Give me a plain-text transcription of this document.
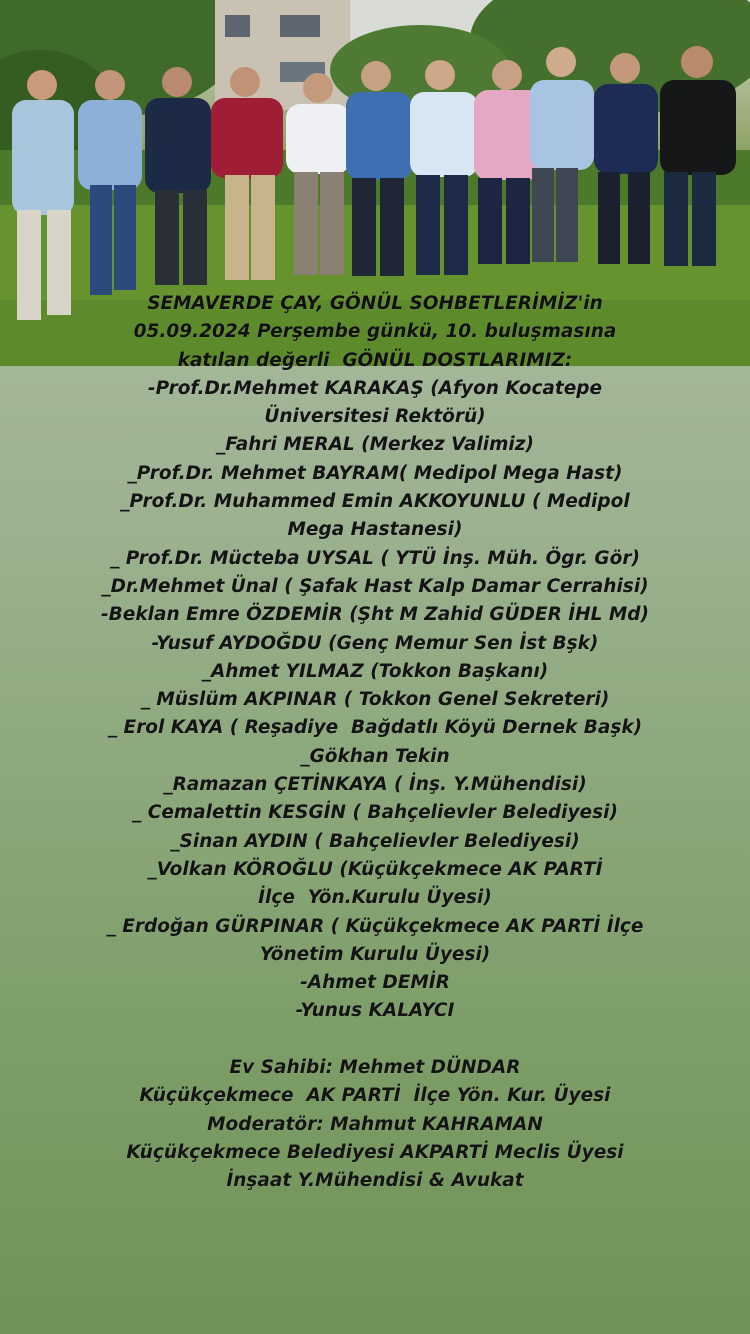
SEMAVERDE ÇAY, GÖNÜL SOHBETLERİMİZ'in
05.09.2024 Perşembe günkü, 10. buluşmasına
katılan değerli  GÖNÜL DOSTLARIMIZ:
-Prof.Dr.Mehmet KARAKAŞ (Afyon Kocatepe
Üniversitesi Rektörü)
_Fahri MERAL (Merkez Valimiz)
_Prof.Dr. Mehmet BAYRAM( Medipol Mega Hast)
_Prof.Dr. Muhammed Emin AKKOYUNLU ( Medipol
Mega Hastanesi)
_ Prof.Dr. Mücteba UYSAL ( YTÜ İnş. Müh. Ögr. Gör)
_Dr.Mehmet Ünal ( Şafak Hast Kalp Damar Cerrahisi)
-Beklan Emre ÖZDEMİR (Şht M Zahid GÜDER İHL Md)
-Yusuf AYDOĞDU (Genç Memur Sen İst Bşk)
_Ahmet YILMAZ (Tokkon Başkanı)
_ Müslüm AKPINAR ( Tokkon Genel Sekreteri)
_ Erol KAYA ( Reşadiye  Bağdatlı Köyü Dernek Başk)
_Gökhan Tekin
_Ramazan ÇETİNKAYA ( İnş. Y.Mühendisi)
_ Cemalettin KESGİN ( Bahçelievler Belediyesi)
_Sinan AYDIN ( Bahçelievler Belediyesi)
_Volkan KÖROĞLU (Küçükçekmece AK PARTİ
İlçe  Yön.Kurulu Üyesi)
_ Erdoğan GÜRPINAR ( Küçükçekmece AK PARTİ İlçe
Yönetim Kurulu Üyesi)
-Ahmet DEMİR
-Yunus KALAYCI
Ev Sahibi: Mehmet DÜNDAR
Küçükçekmece  AK PARTİ  İlçe Yön. Kur. Üyesi
Moderatör: Mahmut KAHRAMAN
Küçükçekmece Belediyesi AKPARTİ Meclis Üyesi
İnşaat Y.Mühendisi & Avukat
